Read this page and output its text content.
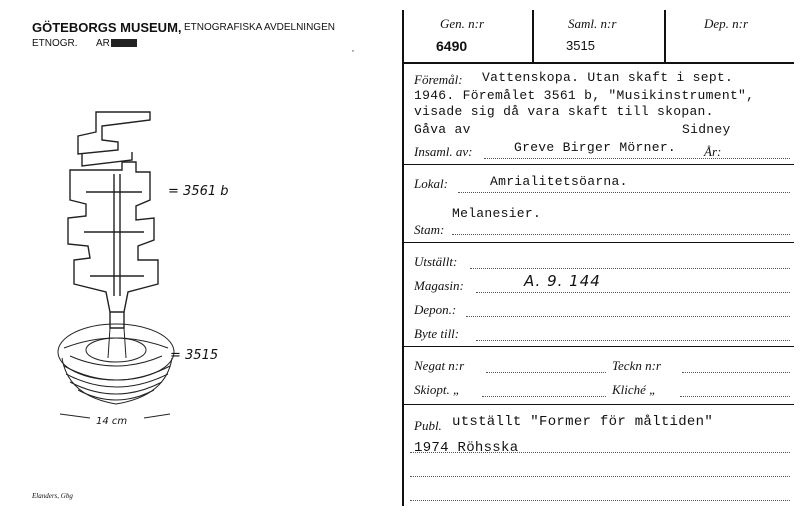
GÖTEBORGS MUSEUM, ETNOGRAFISKA AVDELNINGEN
ETNOGR. AR	,
= 3561 b
= 3515
14 cm
Elanders, Gbg
Gen. n:r
6490
Saml. n:r
3515
Dep. n:r
Föremål: Vattenskopa. Utan skaft i sept.
1946. Föremålet 3561 b, "Musikinstrument",
visade sig då vara skaft till skopan.
Gåva av	Sidney
Insaml. av:	Greve Birger Mörner. År:
Lokal:	Amrialitetsöarna.
Melanesier.
Stam:
Utställt:
Magasin:	A. 9. 144
Depon.:
Byte till:
Negat n:r	Teckn n:r
Skiopt. „	Kliché „
Publ. utställt "Former för måltiden"
1974 Röhsska
